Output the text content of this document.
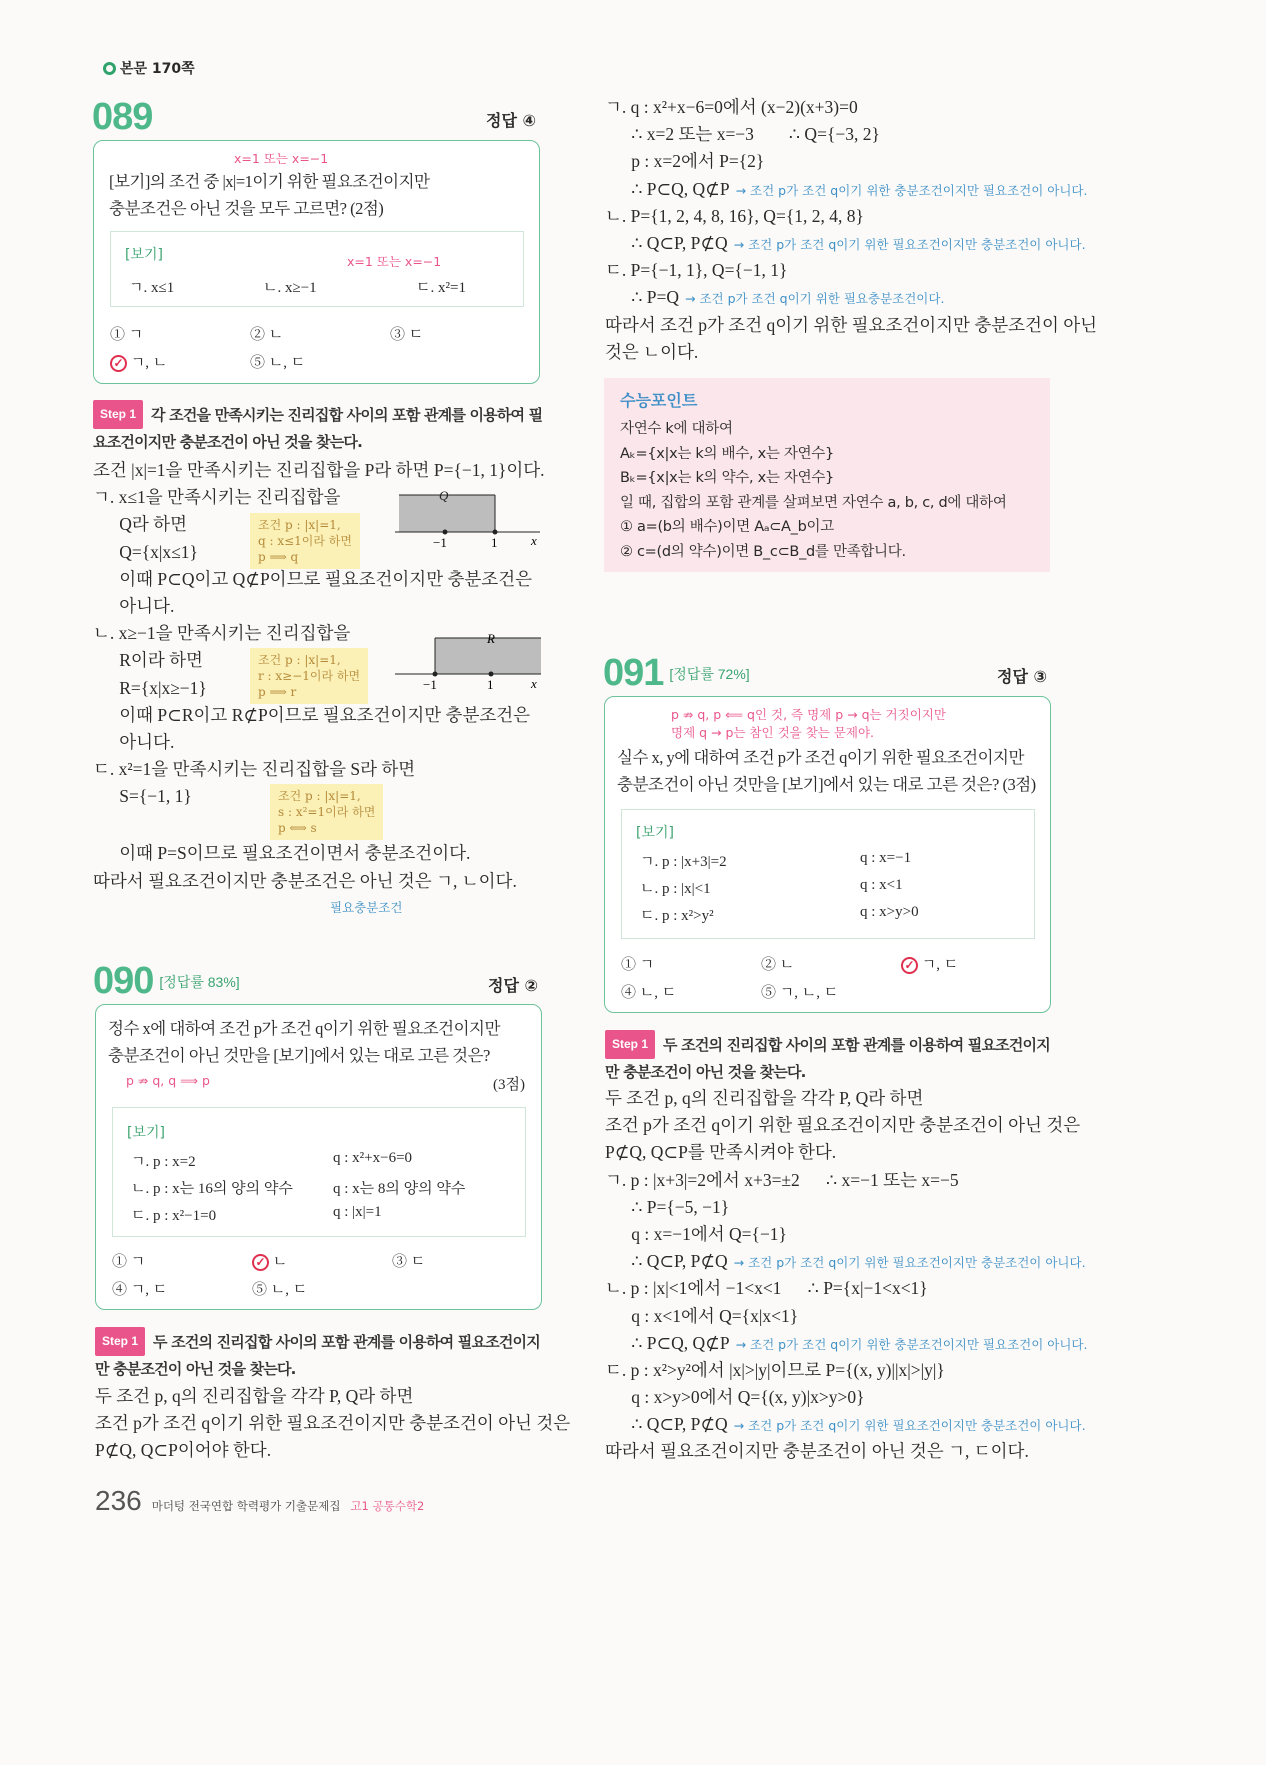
본문 170쪽
089	정답 ④
x=1 또는 x=−1
[보기]의 조건 중 |x|=1이기 위한 필요조건이지만
충분조건은 아닌 것을 모두 고르면? (2점)
[보기]	x=1 또는 x=−1
ㄱ. x≤1	ㄴ. x≥−1	ㄷ. x²=1
① ㄱ	② ㄴ	③ ㄷ
✓ ㄱ, ㄴ	⑤ ㄴ, ㄷ
Step 1 각 조건을 만족시키는 진리집합 사이의 포함 관계를 이용하여 필
요조건이지만 충분조건이 아닌 것을 찾는다.
조건 |x|=1을 만족시키는 진리집합을 P라 하면 P={−1, 1}이다.
ㄱ. x≤1을 만족시키는 진리집합을
Q라 하면
Q={x|x≤1}
이때 P⊂Q이고 Q⊄P이므로 필요조건이지만 충분조건은
아니다.
ㄴ. x≥−1을 만족시키는 진리집합을
R이라 하면
R={x|x≥−1}
이때 P⊂R이고 R⊄P이므로 필요조건이지만 충분조건은
아니다.
ㄷ. x²=1을 만족시키는 진리집합을 S라 하면
S={−1, 1}
이때 P=S이므로 필요조건이면서 충분조건이다.
따라서 필요조건이지만 충분조건은 아닌 것은 ㄱ, ㄴ이다.
조건 p : |x|=1,
q : x≤1이라 하면
p ⟹ q
조건 p : |x|=1,
r : x≥−1이라 하면
p ⟹ r
조건 p : |x|=1,
s : x²=1이라 하면
p ⟺ s
Q
−1	1	x
R
−1	1	x
필요충분조건
090 [정답률 83%]	정답 ②
정수 x에 대하여 조건 p가 조건 q이기 위한 필요조건이지만
충분조건이 아닌 것만을 [보기]에서 있는 대로 고른 것은?
p ⇏ q, q ⟹ p	(3점)
[보기]
ㄱ. p : x=2	q : x²+x−6=0
ㄴ. p : x는 16의 양의 약수	q : x는 8의 양의 약수
ㄷ. p : x²−1=0	q : |x|=1
① ㄱ	✓ ㄴ	③ ㄷ
④ ㄱ, ㄷ	⑤ ㄴ, ㄷ
Step 1 두 조건의 진리집합 사이의 포함 관계를 이용하여 필요조건이지
만 충분조건이 아닌 것을 찾는다.
두 조건 p, q의 진리집합을 각각 P, Q라 하면
조건 p가 조건 q이기 위한 필요조건이지만 충분조건이 아닌 것은
P⊄Q, Q⊂P이어야 한다.
ㄱ. q : x²+x−6=0에서 (x−2)(x+3)=0
∴ x=2 또는 x=−3        ∴ Q={−3, 2}
p : x=2에서 P={2}
∴ P⊂Q, Q⊄P → 조건 p가 조건 q이기 위한 충분조건이지만 필요조건이 아니다.
ㄴ. P={1, 2, 4, 8, 16}, Q={1, 2, 4, 8}
∴ Q⊂P, P⊄Q → 조건 p가 조건 q이기 위한 필요조건이지만 충분조건이 아니다.
ㄷ. P={−1, 1}, Q={−1, 1}
∴ P=Q → 조건 p가 조건 q이기 위한 필요충분조건이다.
따라서 조건 p가 조건 q이기 위한 필요조건이지만 충분조건이 아닌
것은 ㄴ이다.
수능포인트
자연수 k에 대하여
Aₖ={x|x는 k의 배수, x는 자연수}
Bₖ={x|x는 k의 약수, x는 자연수}
일 때, 집합의 포함 관계를 살펴보면 자연수 a, b, c, d에 대하여
① a=(b의 배수)이면 Aₐ⊂A_b이고
② c=(d의 약수)이면 B_c⊂B_d를 만족합니다.
091 [정답률 72%]	정답 ③
p ⇏ q, p ⟸ q인 것, 즉 명제 p → q는 거짓이지만
명제 q → p는 참인 것을 찾는 문제야.
실수 x, y에 대하여 조건 p가 조건 q이기 위한 필요조건이지만
충분조건이 아닌 것만을 [보기]에서 있는 대로 고른 것은? (3점)
[보기]
ㄱ. p : |x+3|=2	q : x=−1
ㄴ. p : |x|<1	q : x<1
ㄷ. p : x²>y²	q : x>y>0
① ㄱ	② ㄴ	✓ ㄱ, ㄷ
④ ㄴ, ㄷ	⑤ ㄱ, ㄴ, ㄷ
Step 1 두 조건의 진리집합 사이의 포함 관계를 이용하여 필요조건이지
만 충분조건이 아닌 것을 찾는다.
두 조건 p, q의 진리집합을 각각 P, Q라 하면
조건 p가 조건 q이기 위한 필요조건이지만 충분조건이 아닌 것은
P⊄Q, Q⊂P를 만족시켜야 한다.
ㄱ. p : |x+3|=2에서 x+3=±2      ∴ x=−1 또는 x=−5
∴ P={−5, −1}
q : x=−1에서 Q={−1}
∴ Q⊂P, P⊄Q → 조건 p가 조건 q이기 위한 필요조건이지만 충분조건이 아니다.
ㄴ. p : |x|<1에서 −1<x<1      ∴ P={x|−1<x<1}
q : x<1에서 Q={x|x<1}
∴ P⊂Q, Q⊄P → 조건 p가 조건 q이기 위한 충분조건이지만 필요조건이 아니다.
ㄷ. p : x²>y²에서 |x|>|y|이므로 P={(x, y)||x|>|y|}
q : x>y>0에서 Q={(x, y)|x>y>0}
∴ Q⊂P, P⊄Q → 조건 p가 조건 q이기 위한 필요조건이지만 충분조건이 아니다.
따라서 필요조건이지만 충분조건이 아닌 것은 ㄱ, ㄷ이다.
236 마더텅 전국연합 학력평가 기출문제집 고1 공통수학2
